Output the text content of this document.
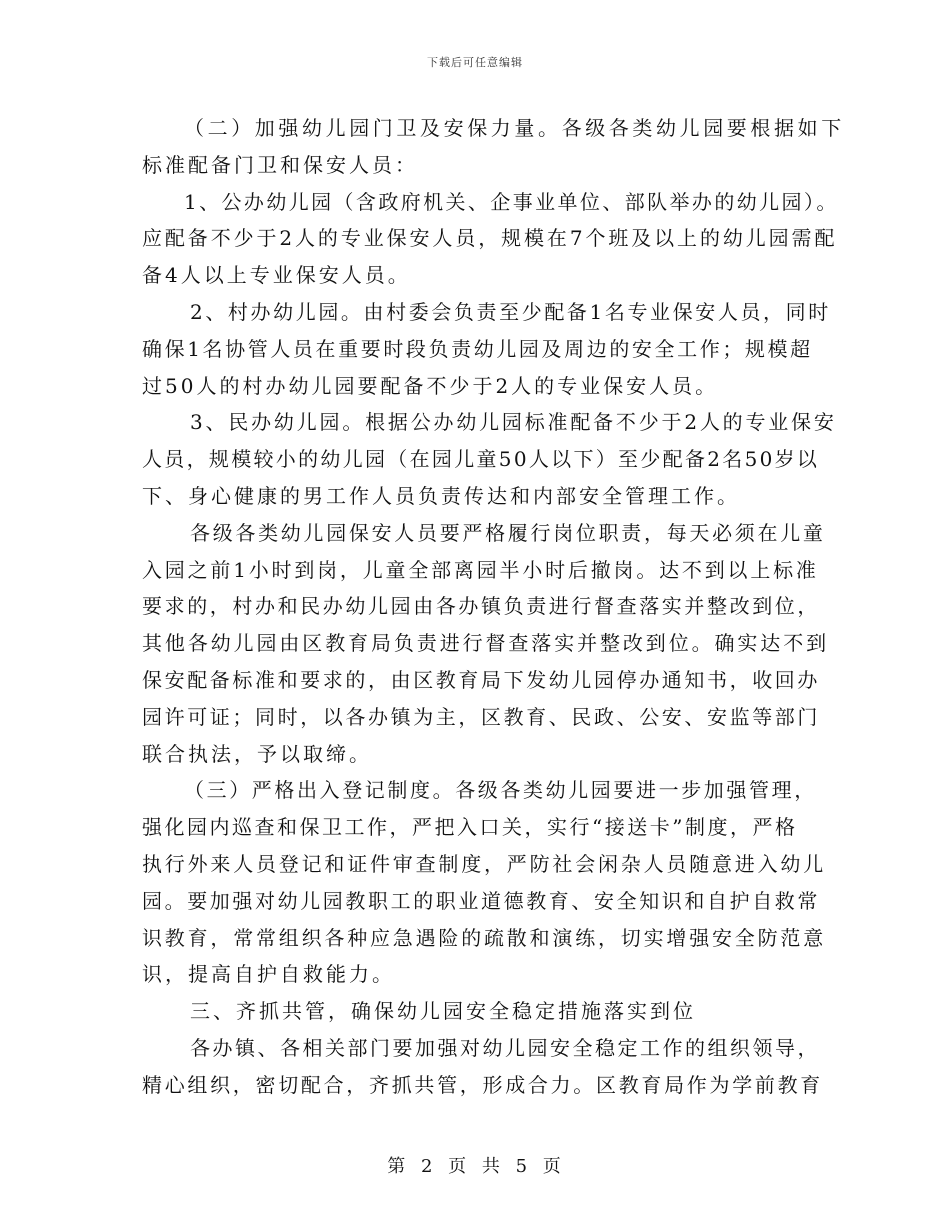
下载后可任意编辑
（二）加强幼儿园门卫及安保力量。各级各类幼儿园要根据如下
标准配备门卫和保安人员：
1、公办幼儿园（含政府机关、企事业单位、部队举办的幼儿园）。
应配备不少于2人的专业保安人员，规模在7个班及以上的幼儿园需配
备4人以上专业保安人员。
2、村办幼儿园。由村委会负责至少配备1名专业保安人员，同时
确保1名协管人员在重要时段负责幼儿园及周边的安全工作；规模超
过50人的村办幼儿园要配备不少于2人的专业保安人员。
3、民办幼儿园。根据公办幼儿园标准配备不少于2人的专业保安
人员，规模较小的幼儿园（在园儿童50人以下）至少配备2名50岁以
下、身心健康的男工作人员负责传达和内部安全管理工作。
各级各类幼儿园保安人员要严格履行岗位职责，每天必须在儿童
入园之前1小时到岗，儿童全部离园半小时后撤岗。达不到以上标准
要求的，村办和民办幼儿园由各办镇负责进行督查落实并整改到位，
其他各幼儿园由区教育局负责进行督查落实并整改到位。确实达不到
保安配备标准和要求的，由区教育局下发幼儿园停办通知书，收回办
园许可证；同时，以各办镇为主，区教育、民政、公安、安监等部门
联合执法，予以取缔。
（三）严格出入登记制度。各级各类幼儿园要进一步加强管理，
强化园内巡查和保卫工作，严把入口关，实行“接送卡”制度，严格
执行外来人员登记和证件审查制度，严防社会闲杂人员随意进入幼儿
园。要加强对幼儿园教职工的职业道德教育、安全知识和自护自救常
识教育，常常组织各种应急遇险的疏散和演练，切实增强安全防范意
识，提高自护自救能力。
三、齐抓共管，确保幼儿园安全稳定措施落实到位
各办镇、各相关部门要加强对幼儿园安全稳定工作的组织领导，
精心组织，密切配合，齐抓共管，形成合力。区教育局作为学前教育
第 2 页 共 5 页
